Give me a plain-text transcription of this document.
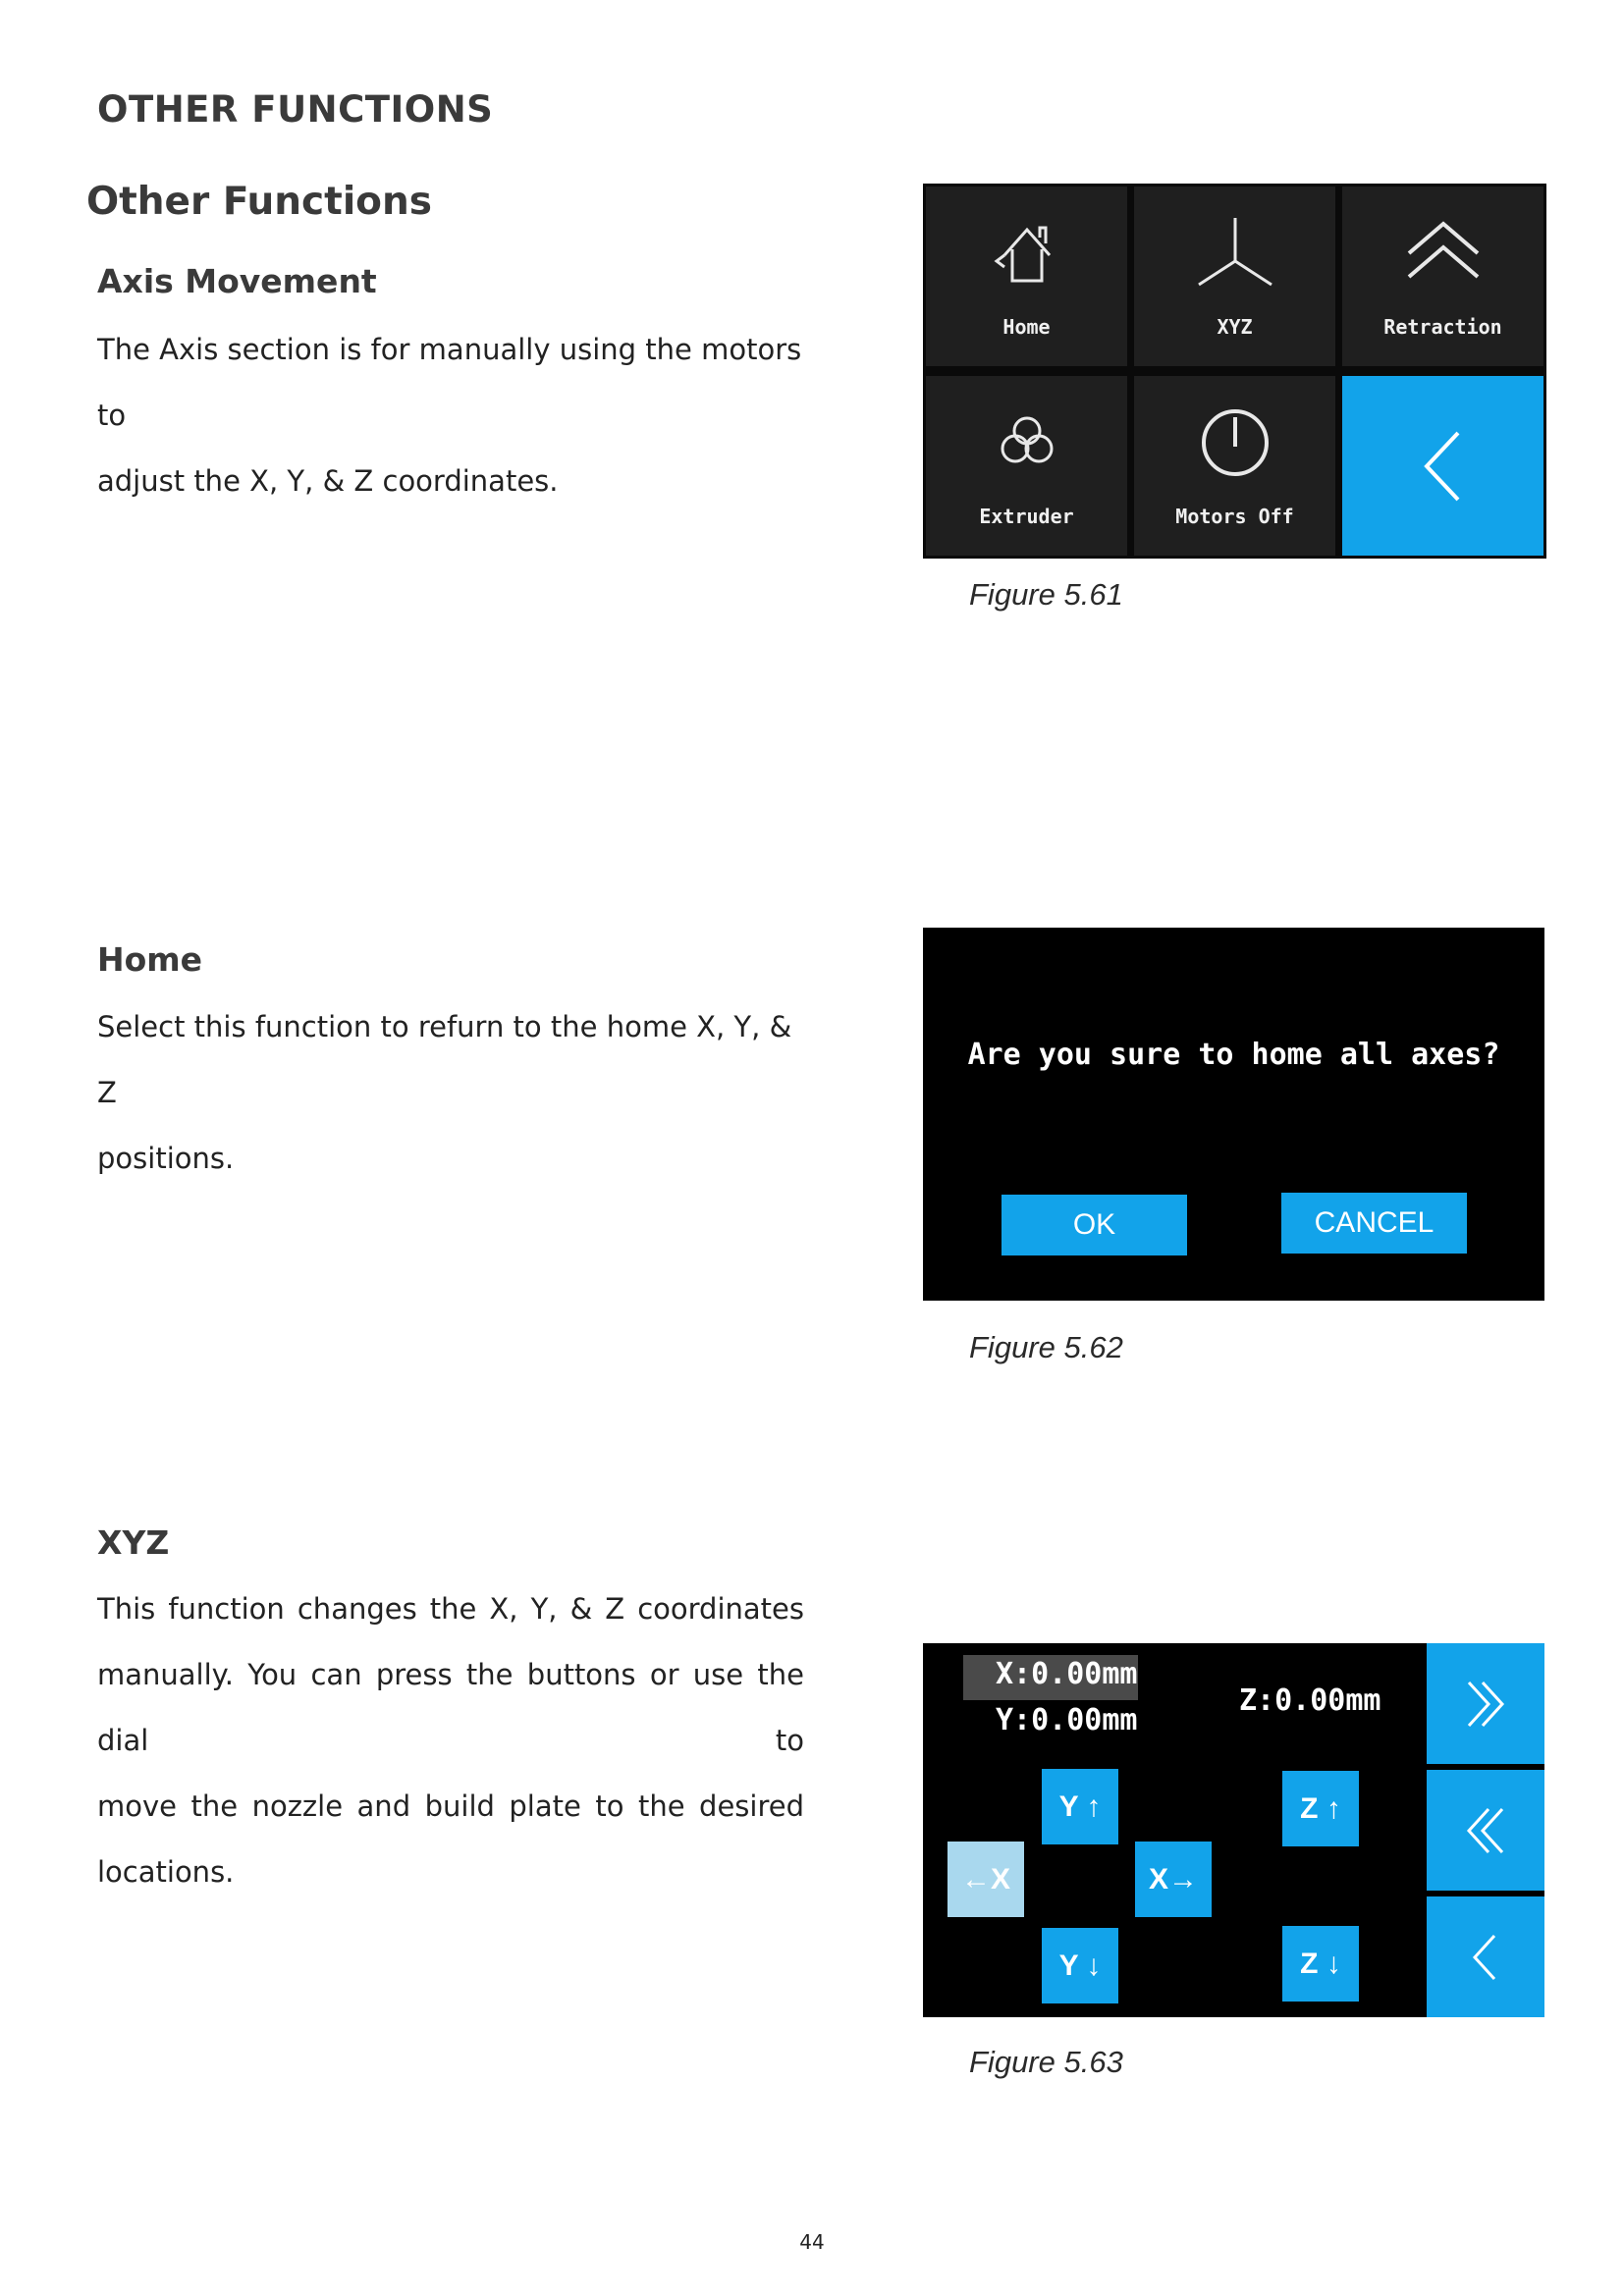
OTHER FUNCTIONS
Other Functions
Axis Movement
The Axis section is for manually using the motors to
adjust the X, Y, & Z coordinates.
Home	XYZ	Retraction
Extruder	Motors Off
Figure 5.61
Home
Select this function to refurn to the home X, Y, & Z
positions.
Are you sure to home all axes?
OK	CANCEL
Figure 5.62
XYZ
This function changes the X, Y, & Z coordinates
manually. You can press the buttons or use the dial to
move the nozzle and build plate to the desired
locations.
X:0.00mm
Y:0.00mm
Z:0.00mm
Y ↑
←X	X→
Y ↓
Z ↑
Z ↓
Figure 5.63
44
